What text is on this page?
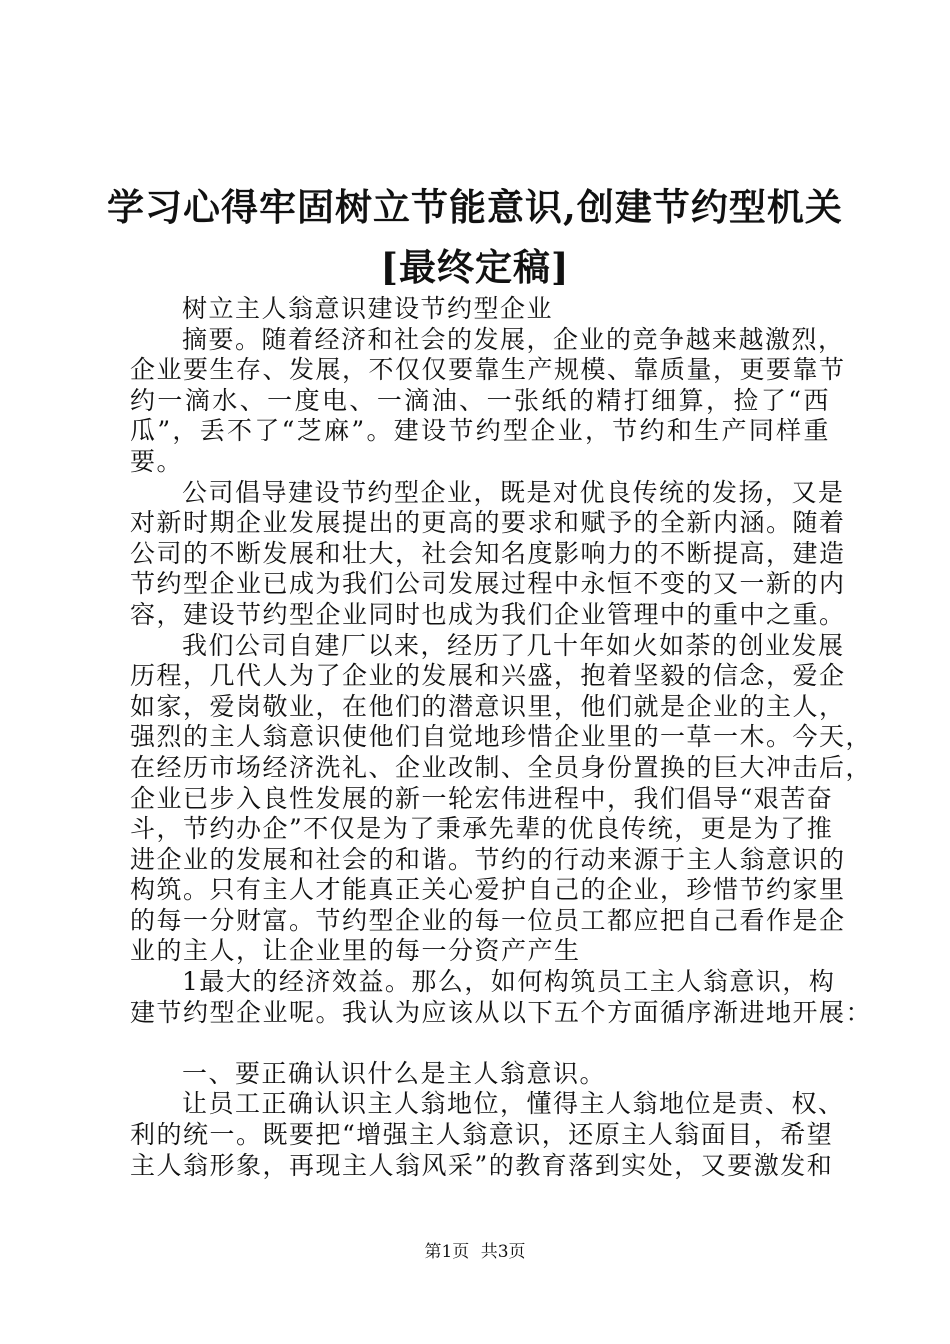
学习心得牢固树立节能意识,创建节约型机关
[最终定稿]
树立主人翁意识建设节约型企业
摘要。随着经济和社会的发展，企业的竞争越来越激烈，
企业要生存、发展，不仅仅要靠生产规模、靠质量，更要靠节
约一滴水、一度电、一滴油、一张纸的精打细算，捡了“西
瓜”，丢不了“芝麻”。建设节约型企业，节约和生产同样重
要。
公司倡导建设节约型企业，既是对优良传统的发扬，又是
对新时期企业发展提出的更高的要求和赋予的全新内涵。随着
公司的不断发展和壮大，社会知名度影响力的不断提高，建造
节约型企业已成为我们公司发展过程中永恒不变的又一新的内
容，建设节约型企业同时也成为我们企业管理中的重中之重。
我们公司自建厂以来，经历了几十年如火如荼的创业发展
历程，几代人为了企业的发展和兴盛，抱着坚毅的信念，爱企
如家，爱岗敬业，在他们的潜意识里，他们就是企业的主人，
强烈的主人翁意识使他们自觉地珍惜企业里的一草一木。今天，
在经历市场经济洗礼、企业改制、全员身份置换的巨大冲击后，
企业已步入良性发展的新一轮宏伟进程中，我们倡导“艰苦奋
斗，节约办企”不仅是为了秉承先辈的优良传统，更是为了推
进企业的发展和社会的和谐。节约的行动来源于主人翁意识的
构筑。只有主人才能真正关心爱护自己的企业，珍惜节约家里
的每一分财富。节约型企业的每一位员工都应把自己看作是企
业的主人，让企业里的每一分资产产生
1最大的经济效益。那么，如何构筑员工主人翁意识，构
建节约型企业呢。我认为应该从以下五个方面循序渐进地开展：
一、要正确认识什么是主人翁意识。
让员工正确认识主人翁地位，懂得主人翁地位是责、权、
利的统一。既要把“增强主人翁意识，还原主人翁面目，希望
主人翁形象，再现主人翁风采”的教育落到实处，又要激发和
第1页 共3页
